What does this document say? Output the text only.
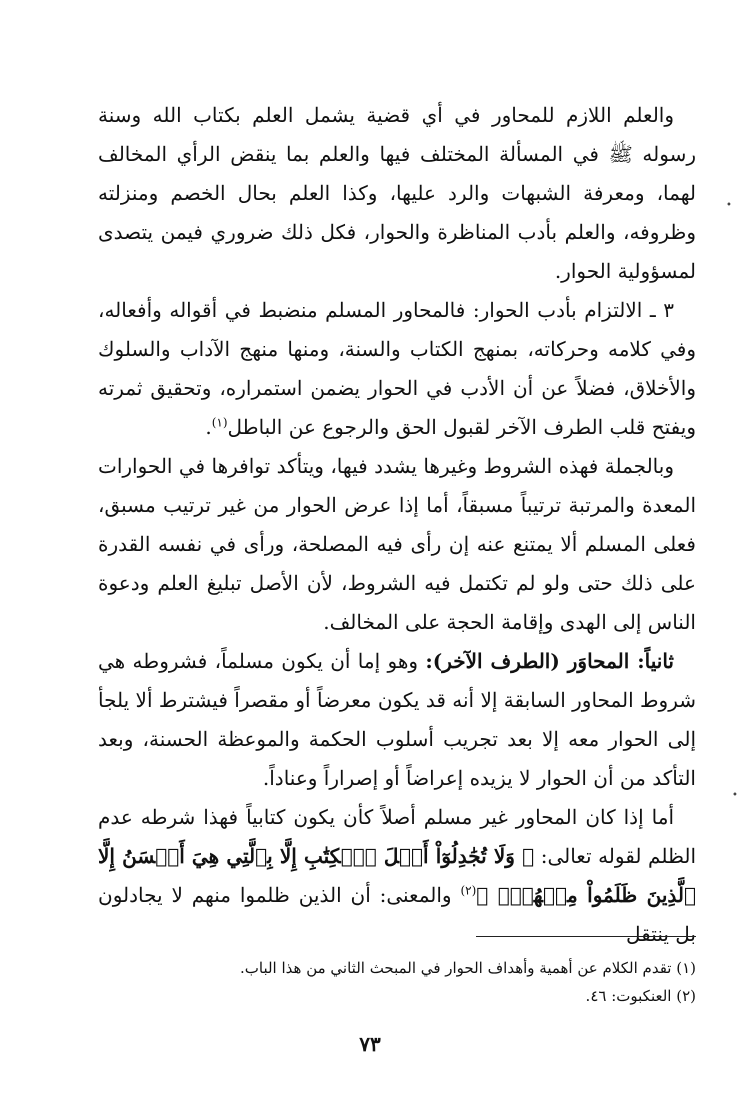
والعلم اللازم للمحاور في أي قضية يشمل العلم بكتاب الله وسنة رسوله ﷺ في المسألة المختلف فيها والعلم بما ينقض الرأي المخالف لهما، ومعرفة الشبهات والرد عليها، وكذا العلم بحال الخصم ومنزلته وظروفه، والعلم بأدب المناظرة والحوار، فكل ذلك ضروري فيمن يتصدى لمسؤولية الحوار.

٣ ـ الالتزام بأدب الحوار: فالمحاور المسلم منضبط في أقواله وأفعاله، وفي كلامه وحركاته، بمنهج الكتاب والسنة، ومنها منهج الآداب والسلوك والأخلاق، فضلاً عن أن الأدب في الحوار يضمن استمراره، وتحقيق ثمرته ويفتح قلب الطرف الآخر لقبول الحق والرجوع عن الباطل$^{(١)}$.

وبالجملة فهذه الشروط وغيرها يشدد فيها، ويتأكد توافرها في الحوارات المعدة والمرتبة ترتيباً مسبقاً، أما إذا عرض الحوار من غير ترتيب مسبق، فعلى المسلم ألا يمتنع عنه إن رأى فيه المصلحة، ورأى في نفسه القدرة على ذلك حتى ولو لم تكتمل فيه الشروط، لأن الأصل تبليغ العلم ودعوة الناس إلى الهدى وإقامة الحجة على المخالف.

ثانياً: المحاوَر (الطرف الآخر): وهو إما أن يكون مسلماً، فشروطه هي شروط المحاور السابقة إلا أنه قد يكون معرضاً أو مقصراً فيشترط ألا يلجأ إلى الحوار معه إلا بعد تجريب أسلوب الحكمة والموعظة الحسنة، وبعد التأكد من أن الحوار لا يزيده إعراضاً أو إصراراً وعناداً.

أما إذا كان المحاور غير مسلم أصلاً كأن يكون كتابياً فهذا شرطه عدم الظلم لقوله تعالى: ﴿ وَلَا تُجَٰدِلُوٓاْ أَهۡلَ ٱلۡكِتَٰبِ إِلَّا بِٱلَّتِي هِيَ أَحۡسَنُ إِلَّا ٱلَّذِينَ ظَلَمُواْ مِنۡهُمۡۖ ﴾$^{(٢)}$ والمعنى: أن الذين ظلموا منهم لا يجادلون بل ينتقل

(١) تقدم الكلام عن أهمية وأهداف الحوار في المبحث الثاني من هذا الباب.

(٢) العنكبوت: ٤٦.

٧٣
•
•
